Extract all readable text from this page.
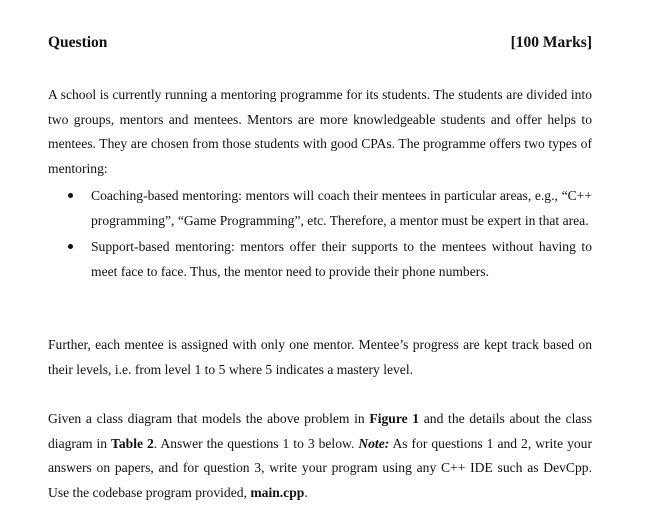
Question	[100 Marks]

A school is currently running a mentoring programme for its students. The students are divided into two groups, mentors and mentees. Mentors are more knowledgeable students and offer helps to mentees. They are chosen from those students with good CPAs. The programme offers two types of mentoring:

Coaching-based mentoring: mentors will coach their mentees in particular areas, e.g., “C++ programming”, “Game Programming”, etc. Therefore, a mentor must be expert in that area.
Support-based mentoring: mentors offer their supports to the mentees without having to meet face to face. Thus, the mentor need to provide their phone numbers.

Further, each mentee is assigned with only one mentor. Mentee’s progress are kept track based on their levels, i.e. from level 1 to 5 where 5 indicates a mastery level.

Given a class diagram that models the above problem in Figure 1 and the details about the class diagram in Table 2. Answer the questions 1 to 3 below. Note: As for questions 1 and 2, write your answers on papers, and for question 3, write your program using any C++ IDE such as DevCpp. Use the codebase program provided, main.cpp.
